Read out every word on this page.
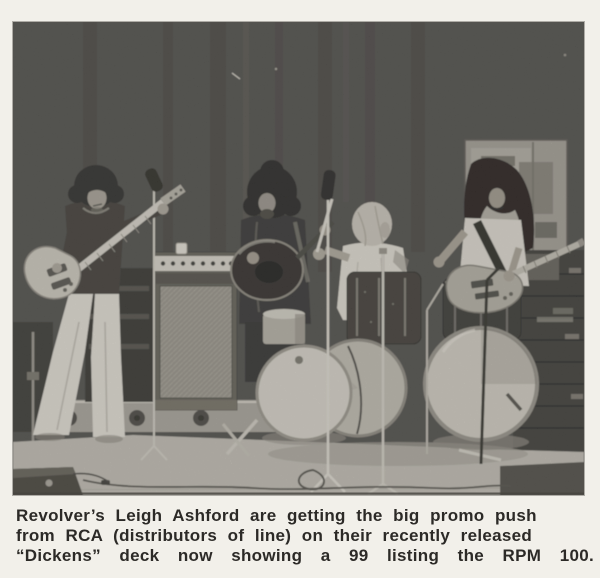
Revolver’s Leigh Ashford are getting the big promo push
from RCA (distributors of line) on their recently released
“Dickens” deck now showing a 99 listing the RPM 100.
